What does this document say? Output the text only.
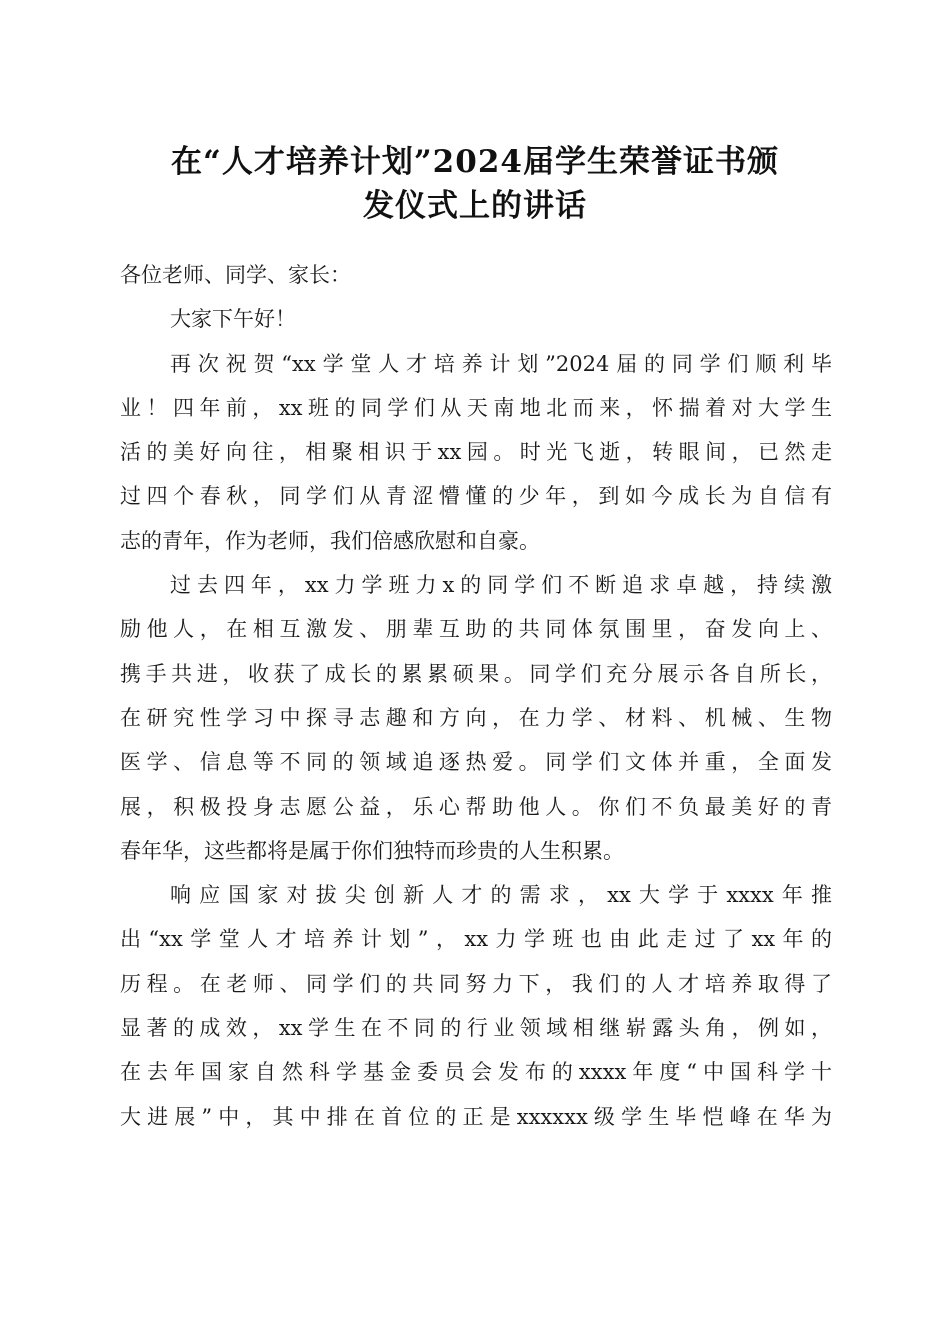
在“人才培养计划”2024届学生荣誉证书颁
发仪式上的讲话
各位老师、同学、家长：
大家下午好！
再次祝贺“xx学堂人才培养计划”2024届的同学们顺利毕
业！四年前，xx班的同学们从天南地北而来，怀揣着对大学生
活的美好向往，相聚相识于xx园。时光飞逝，转眼间，已然走
过四个春秋，同学们从青涩懵懂的少年，到如今成长为自信有
志的青年，作为老师，我们倍感欣慰和自豪。
过去四年，xx力学班力x的同学们不断追求卓越，持续激
励他人，在相互激发、朋辈互助的共同体氛围里，奋发向上、
携手共进，收获了成长的累累硕果。同学们充分展示各自所长，
在研究性学习中探寻志趣和方向，在力学、材料、机械、生物
医学、信息等不同的领域追逐热爱。同学们文体并重，全面发
展，积极投身志愿公益，乐心帮助他人。你们不负最美好的青
春年华，这些都将是属于你们独特而珍贵的人生积累。
响应国家对拔尖创新人才的需求，xx大学于xxxx年推
出“xx学堂人才培养计划”，xx力学班也由此走过了xx年的
历程。在老师、同学们的共同努力下，我们的人才培养取得了
显著的成效，xx学生在不同的行业领域相继崭露头角，例如，
在去年国家自然科学基金委员会发布的xxxx年度“中国科学十
大进展”中，其中排在首位的正是xxxxxx级学生毕恺峰在华为
